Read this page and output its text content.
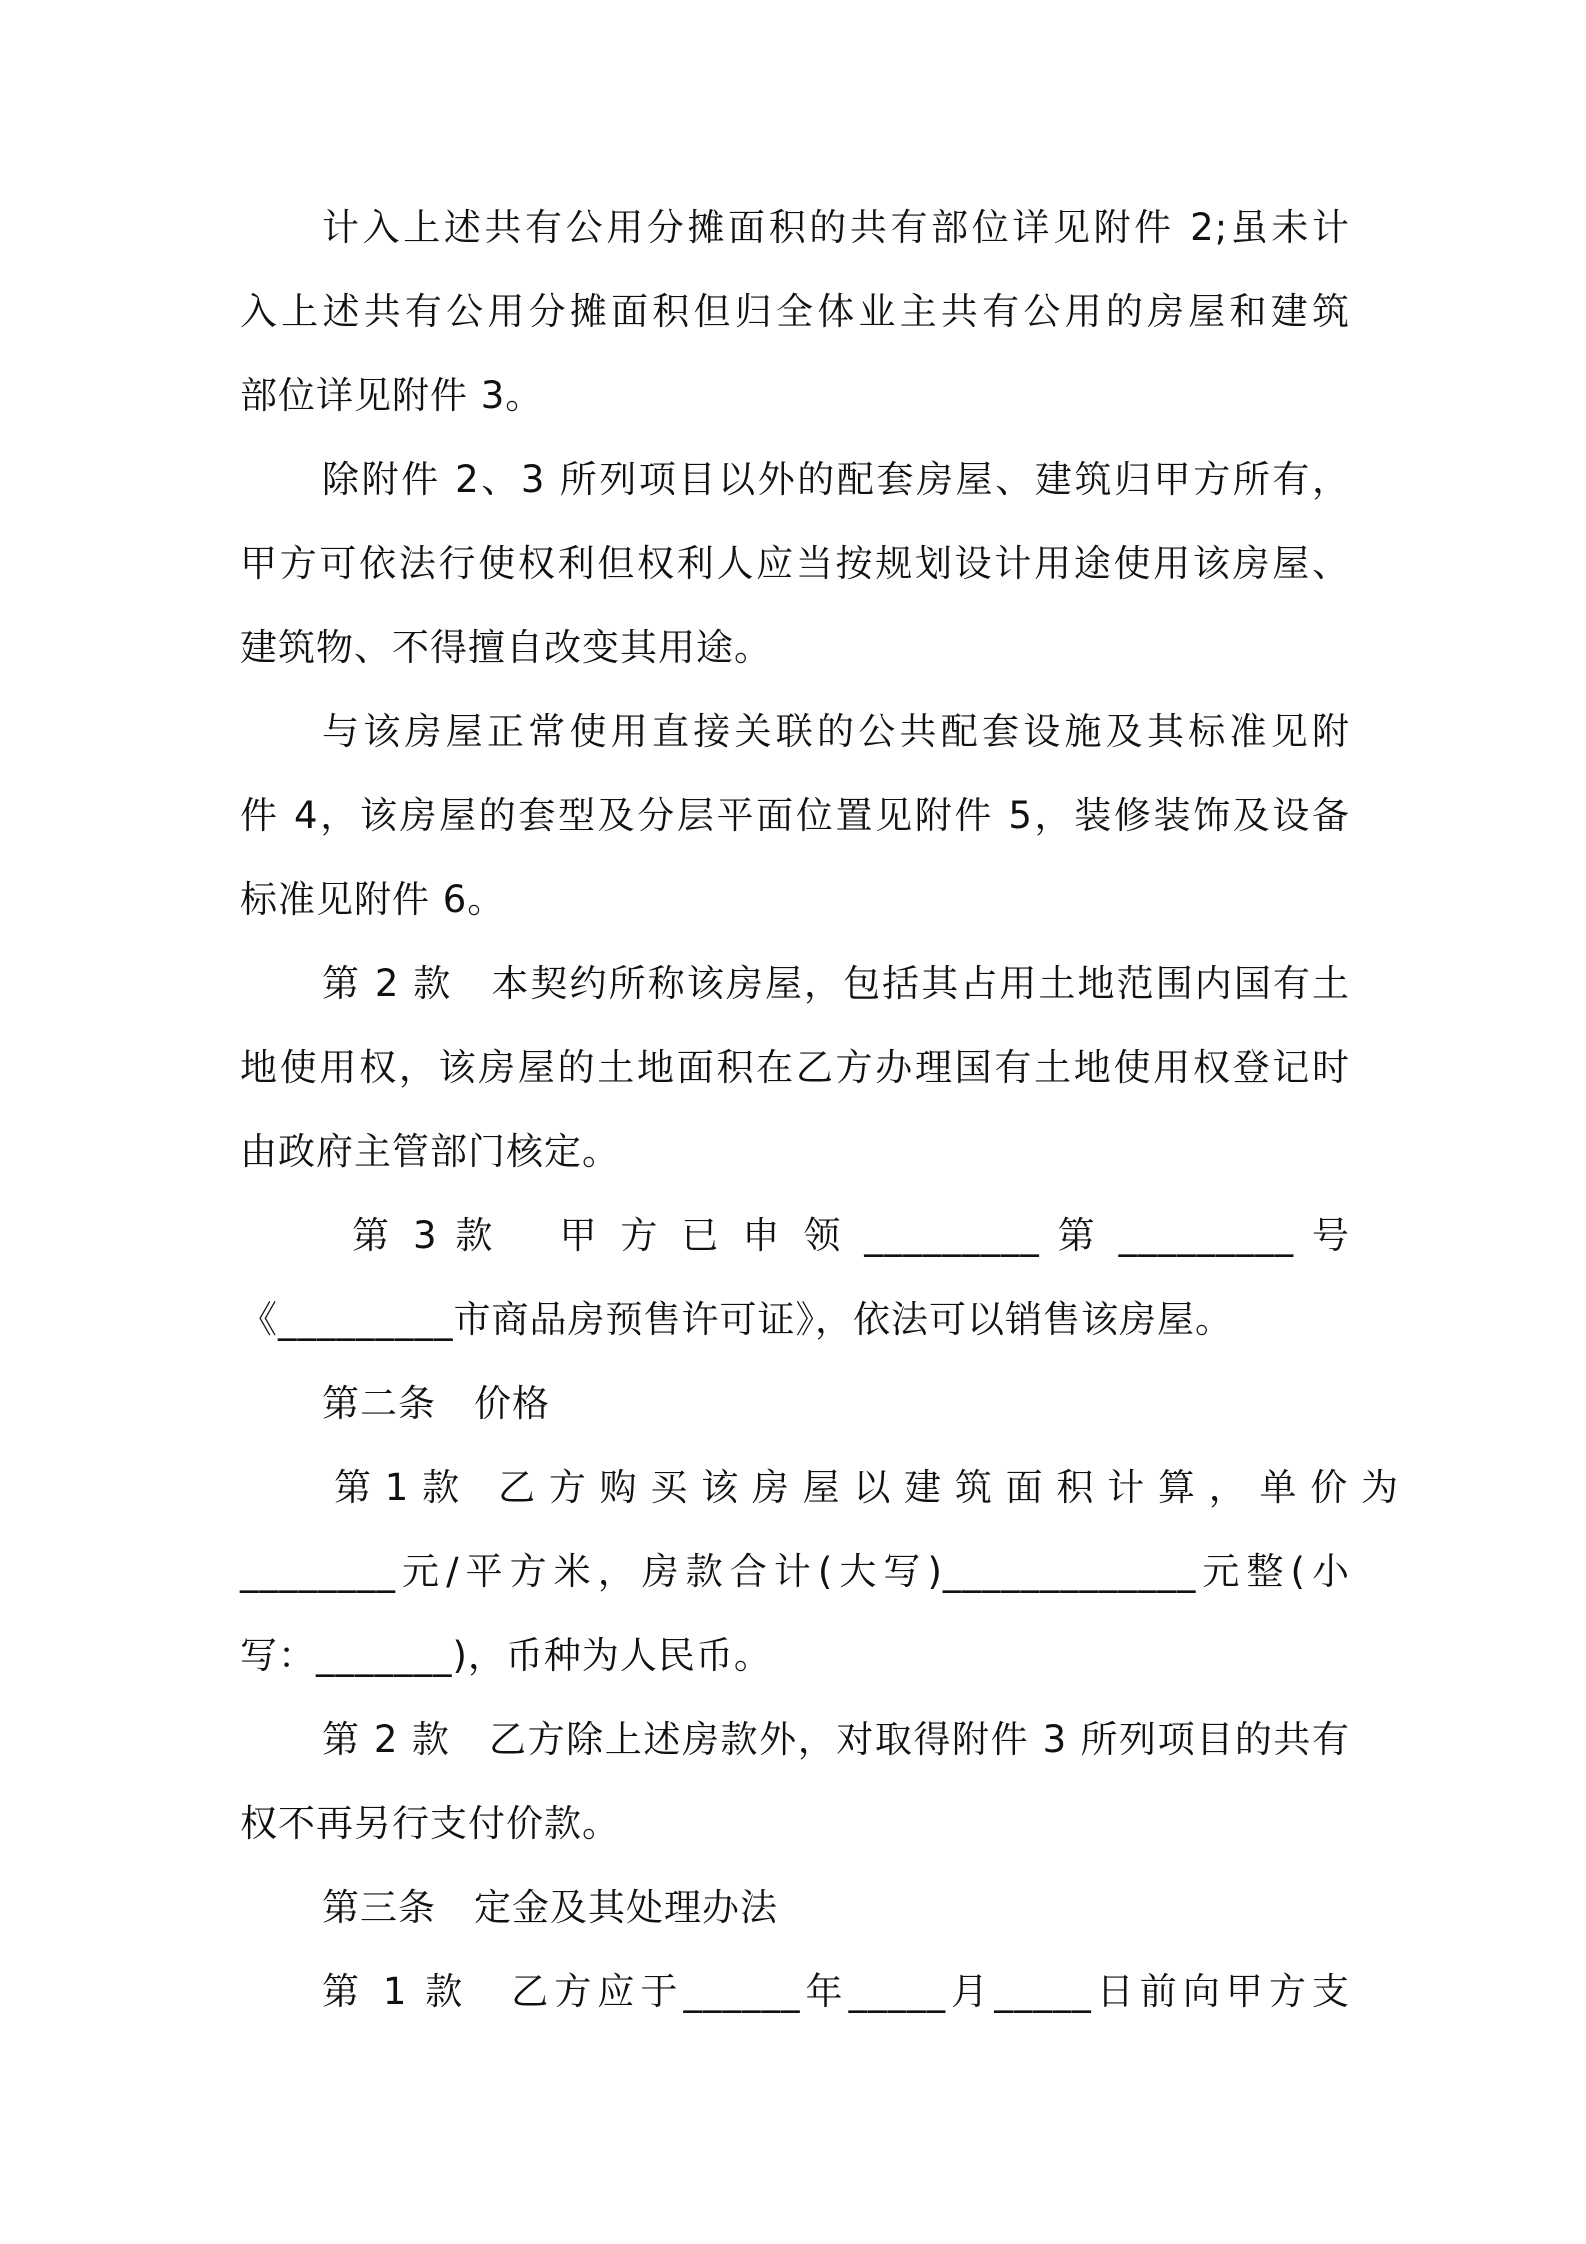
计入上述共有公用分摊面积的共有部位详见附件 2;虽未计

入上述共有公用分摊面积但归全体业主共有公用的房屋和建筑

部位详见附件 3。

除附件 2、3 所列项目以外的配套房屋、建筑归甲方所有，

甲方可依法行使权利但权利人应当按规划设计用途使用该房屋、

建筑物、不得擅自改变其用途。

与该房屋正常使用直接关联的公共配套设施及其标准见附

件 4，该房屋的套型及分层平面位置见附件 5，装修装饰及设备

标准见附件 6。

第 2 款　本契约所称该房屋，包括其占用土地范围内国有土

地使用权，该房屋的土地面积在乙方办理国有土地使用权登记时

由政府主管部门核定。

第 3 款　 甲 方 已 申 领 _________ 第 _________ 号

《_________市商品房预售许可证》，依法可以销售该房屋。

第二条　价格

第 1 款　乙 方 购 买 该 房 屋 以 建 筑 面 积 计 算 ， 单 价 为

________元/平方米，房款合计(大写)_____________元整(小

写：_______)，币种为人民币。

第 2 款　乙方除上述房款外，对取得附件 3 所列项目的共有

权不再另行支付价款。

第三条　定金及其处理办法

第 1 款　乙方应于______年_____月_____日前向甲方支
